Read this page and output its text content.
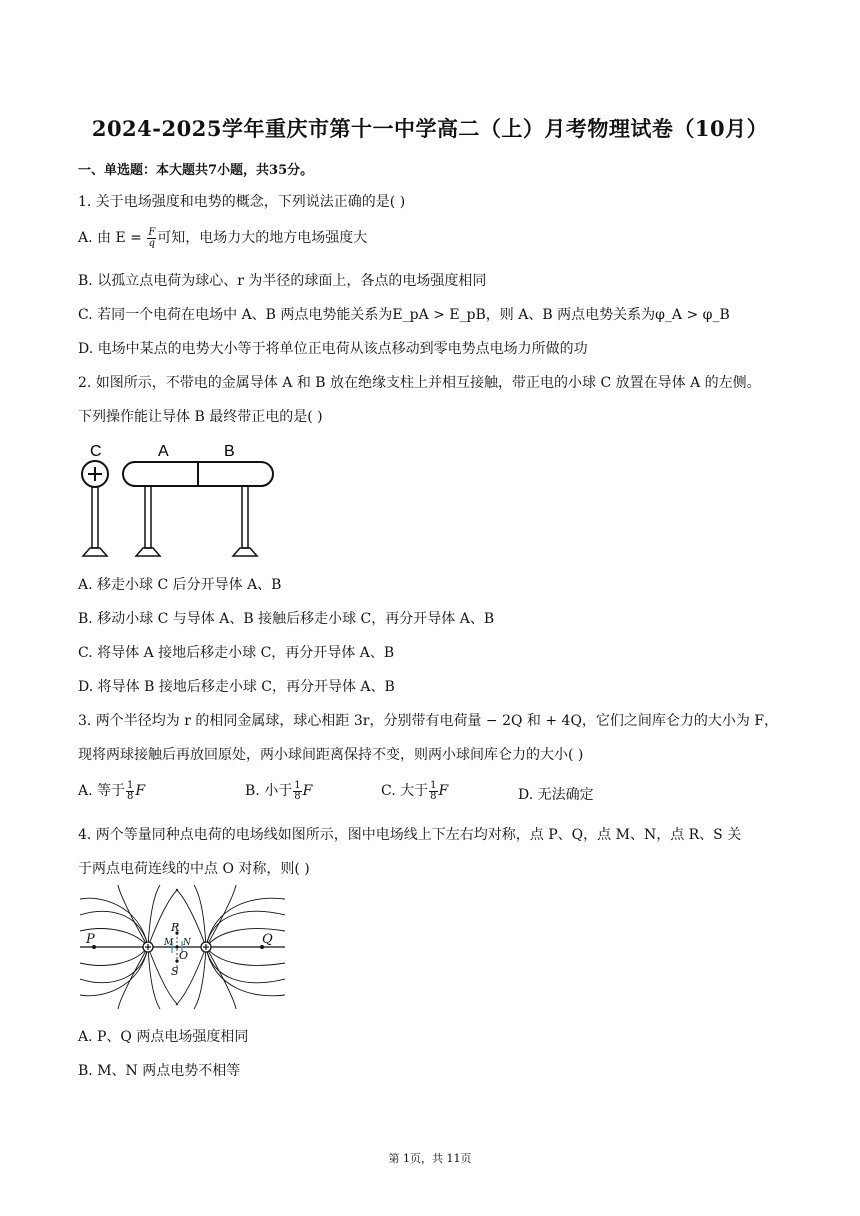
2024-2025学年重庆市第十一中学高二（上）月考物理试卷（10月）
一、单选题：本大题共7小题，共35分。
1. 关于电场强度和电势的概念，下列说法正确的是( )
A. 由 $E = \frac{F}{q}$ 可知，电场力大的地方电场强度大
B. 以孤立点电荷为球心、r 为半径的球面上，各点的电场强度相同
C. 若同一个电荷在电场中 A、B 两点电势能关系为E_pA > E_pB，则 A、B 两点电势关系为φ_A > φ_B
D. 电场中某点的电势大小等于将单位正电荷从该点移动到零电势点电场力所做的功
2. 如图所示，不带电的金属导体 A 和 B 放在绝缘支柱上并相互接触，带正电的小球 C 放置在导体 A 的左侧。
下列操作能让导体 B 最终带正电的是( )
C	A	B
A. 移走小球 C 后分开导体 A、B
B. 移动小球 C 与导体 A、B 接触后移走小球 C，再分开导体 A、B
C. 将导体 A 接地后移走小球 C，再分开导体 A、B
D. 将导体 B 接地后移走小球 C，再分开导体 A、B
3. 两个半径均为 r 的相同金属球，球心相距 3r，分别带有电荷量 − 2Q 和 + 4Q，它们之间库仑力的大小为 F，
现将两球接触后再放回原处，两小球间距离保持不变，则两小球间库仑力的大小( )
A. 等于 $\frac{1}{8}$ F	B. 小于 $\frac{1}{8}$ F	C. 大于 $\frac{1}{8}$ F	D. 无法确定
4. 两个等量同种点电荷的电场线如图所示，图中电场线上下左右均对称，点 P、Q，点 M、N，点 R、S 关
于两点电荷连线的中点 O 对称，则( )
P	Q
R
S
O
M N
A. P、Q 两点电场强度相同
B. M、N 两点电势不相等
第 1页，共 11页
